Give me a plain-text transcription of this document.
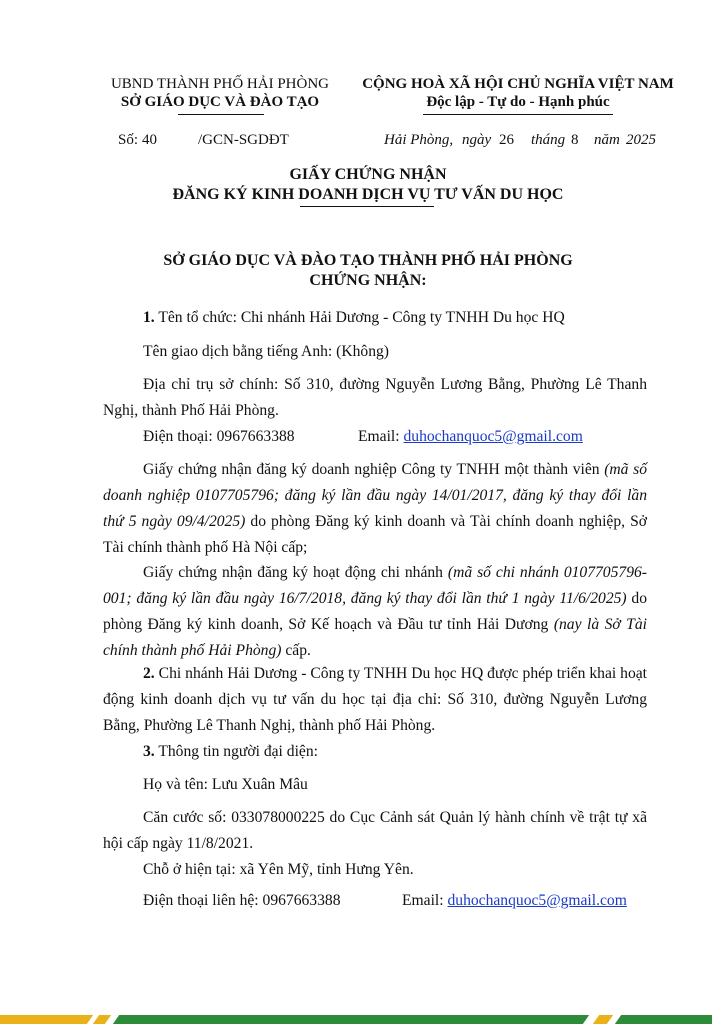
UBND THÀNH PHỐ HẢI PHÒNG
SỞ GIÁO DỤC VÀ ĐÀO TẠO
CỘNG HOÀ XÃ HỘI CHỦ NGHĨA VIỆT NAM
Độc lập - Tự do - Hạnh phúc
Số: 40	/GCN-SGDĐT	Hải Phòng, ngày 26 tháng 8 năm 2025
GIẤY CHỨNG NHẬN
ĐĂNG KÝ KINH DOANH DỊCH VỤ TƯ VẤN DU HỌC
SỞ GIÁO DỤC VÀ ĐÀO TẠO THÀNH PHỐ HẢI PHÒNG
CHỨNG NHẬN:
1. Tên tổ chức: Chi nhánh Hải Dương - Công ty TNHH Du học HQ
Tên giao dịch bằng tiếng Anh: (Không)
Địa chỉ trụ sở chính: Số 310, đường Nguyễn Lương Bằng, Phường Lê Thanh Nghị, thành Phố Hải Phòng.
Điện thoại: 0967663388	Email: duhochanquoc5@gmail.com
Giấy chứng nhận đăng ký doanh nghiệp Công ty TNHH một thành viên (mã số doanh nghiệp 0107705796; đăng ký lần đầu ngày 14/01/2017, đăng ký thay đổi lần thứ 5 ngày 09/4/2025) do phòng Đăng ký kinh doanh và Tài chính doanh nghiệp, Sở Tài chính thành phố Hà Nội cấp;
Giấy chứng nhận đăng ký hoạt động chi nhánh (mã số chi nhánh 0107705796-001; đăng ký lần đầu ngày 16/7/2018, đăng ký thay đổi lần thứ 1 ngày 11/6/2025) do phòng Đăng ký kinh doanh, Sở Kế hoạch và Đầu tư tỉnh Hải Dương (nay là Sở Tài chính thành phố Hải Phòng) cấp.
2. Chi nhánh Hải Dương - Công ty TNHH Du học HQ được phép triển khai hoạt động kinh doanh dịch vụ tư vấn du học tại địa chỉ: Số 310, đường Nguyễn Lương Bằng, Phường Lê Thanh Nghị, thành phố Hải Phòng.
3. Thông tin người đại diện:
Họ và tên: Lưu Xuân Mâu
Căn cước số: 033078000225 do Cục Cảnh sát Quản lý hành chính về trật tự xã hội cấp ngày 11/8/2021.
Chỗ ở hiện tại: xã Yên Mỹ, tỉnh Hưng Yên.
Điện thoại liên hệ: 0967663388	Email: duhochanquoc5@gmail.com
